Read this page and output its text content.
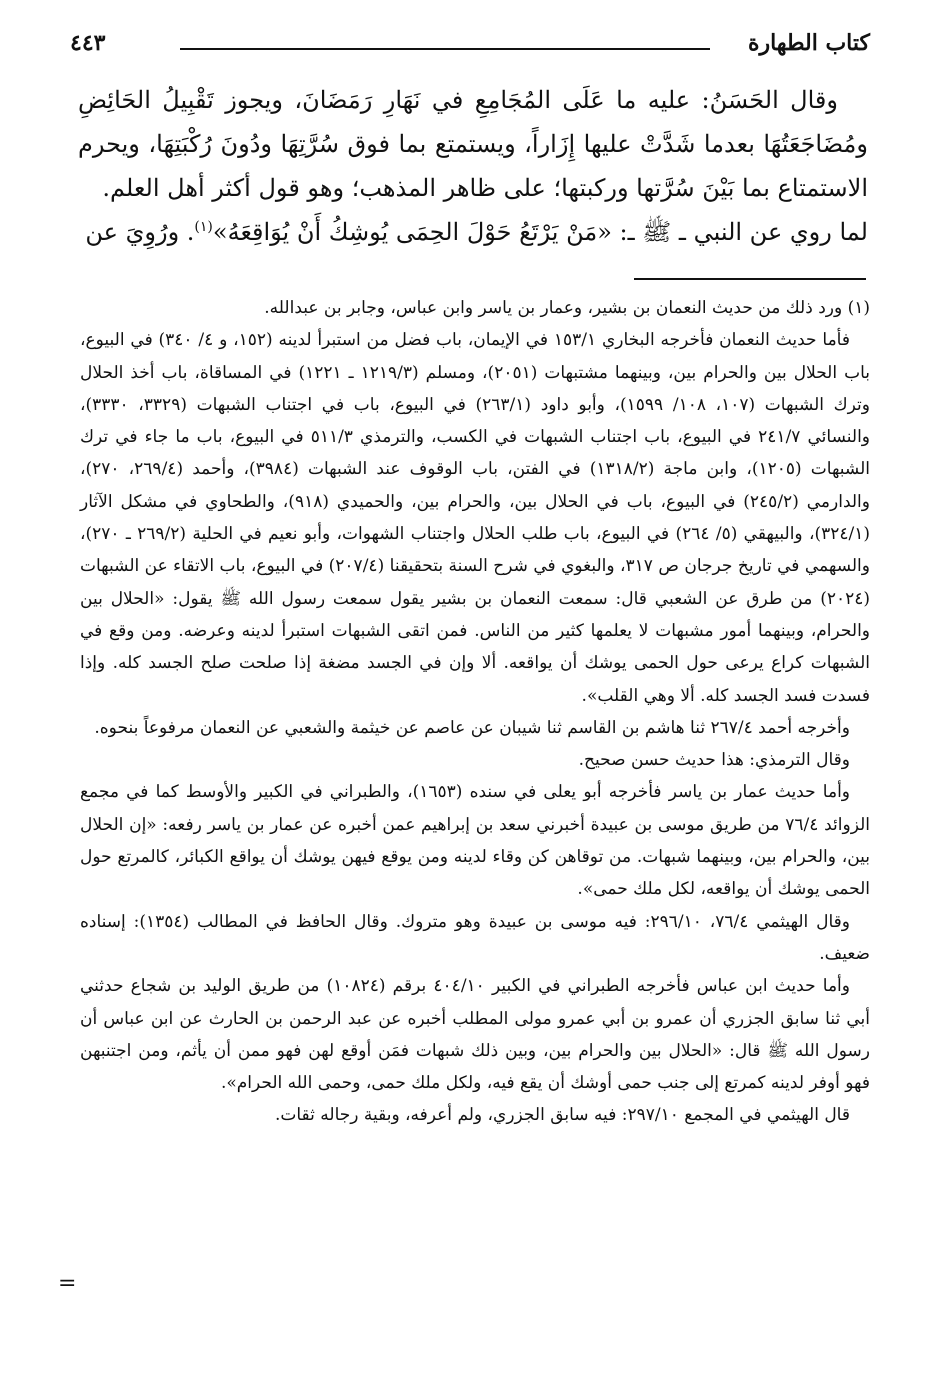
كتاب الطهارة
٤٤٣

وقال الحَسَنُ: عليه ما عَلَى المُجَامِعِ في نَهَارِ رَمَضَانَ، ويجوز تَقْبِيلُ الحَائِضِ ومُضَاجَعَتُهَا بعدما شَدَّتْ عليها إِزَاراً، ويستمتع بما فوق سُرَّتِهَا ودُونَ رُكْبَتِهَا، ويحرم الاستمتاع بما بَيْنَ سُرَّتها وركبتها؛ على ظاهر المذهب؛ وهو قول أكثر أهل العلم.

لما روي عن النبي ـ ﷺ ـ: «مَنْ يَرْتَعُ حَوْلَ الحِمَى يُوشِكُ أَنْ يُوَاقِعَهُ»$^{(١)}$. ورُوِيَ عن

(١) ورد ذلك من حديث النعمان بن بشير، وعمار بن ياسر وابن عباس، وجابر بن عبدالله.

فأما حديث النعمان فأخرجه البخاري ١٥٣/١ في الإيمان، باب فضل من استبرأ لدينه (١٥٢، و ٤/ ٣٤٠) في البيوع، باب الحلال بين والحرام بين، وبينهما مشتبهات (٢٠٥١)، ومسلم (١٢١٩/٣ ـ ١٢٢١) في المساقاة، باب أخذ الحلال وترك الشبهات (١٠٧، ١٠٨/ ١٥٩٩)، وأبو داود (٢٦٣/١) في البيوع، باب في اجتناب الشبهات (٣٣٢٩، ٣٣٣٠)، والنسائي ٢٤١/٧ في البيوع، باب اجتناب الشبهات في الكسب، والترمذي ٥١١/٣ في البيوع، باب ما جاء في ترك الشبهات (١٢٠٥)، وابن ماجة (١٣١٨/٢) في الفتن، باب الوقوف عند الشبهات (٣٩٨٤)، وأحمد (٢٦٩/٤، ٢٧٠)، والدارمي (٢٤٥/٢) في البيوع، باب في الحلال بين، والحرام بين، والحميدي (٩١٨)، والطحاوي في مشكل الآثار (٣٢٤/١)، والبيهقي (٥/ ٢٦٤) في البيوع، باب طلب الحلال واجتناب الشهوات، وأبو نعيم في الحلية (٢٦٩/٢ ـ ٢٧٠)، والسهمي في تاريخ جرجان ص ٣١٧، والبغوي في شرح السنة بتحقيقنا (٢٠٧/٤) في البيوع، باب الاتقاء عن الشبهات (٢٠٢٤) من طرق عن الشعبي قال: سمعت النعمان بن بشير يقول سمعت رسول الله ﷺ يقول: «الحلال بين والحرام، وبينهما أمور مشبهات لا يعلمها كثير من الناس. فمن اتقى الشبهات استبرأ لدينه وعرضه. ومن وقع في الشبهات كراع يرعى حول الحمى يوشك أن يواقعه. ألا وإن في الجسد مضغة إذا صلحت صلح الجسد كله. وإذا فسدت فسد الجسد كله. ألا وهي القلب».

وأخرجه أحمد ٢٦٧/٤ ثنا هاشم بن القاسم ثنا شيبان عن عاصم عن خيثمة والشعبي عن النعمان مرفوعاً بنحوه.

وقال الترمذي: هذا حديث حسن صحيح.

وأما حديث عمار بن ياسر فأخرجه أبو يعلى في سنده (١٦٥٣)، والطبراني في الكبير والأوسط كما في مجمع الزوائد ٧٦/٤ من طريق موسى بن عبيدة أخبرني سعد بن إبراهيم عمن أخبره عن عمار بن ياسر رفعه: «إن الحلال بين، والحرام بين، وبينهما شبهات. من توقاهن كن وقاء لدينه ومن يوقع فيهن يوشك أن يواقع الكبائر، كالمرتع حول الحمى يوشك أن يواقعه، لكل ملك حمى».

وقال الهيثمي ٧٦/٤، ٢٩٦/١٠: فيه موسى بن عبيدة وهو متروك. وقال الحافظ في المطالب (١٣٥٤): إسناده ضعيف.

وأما حديث ابن عباس فأخرجه الطبراني في الكبير ٤٠٤/١٠ برقم (١٠٨٢٤) من طريق الوليد بن شجاع حدثني أبي ثنا سابق الجزري أن عمرو بن أبي عمرو مولى المطلب أخبره عن عبد الرحمن بن الحارث عن ابن عباس أن رسول الله ﷺ قال: «الحلال بين والحرام بين، وبين ذلك شبهات فمَن أوقع لهن فهو ممن أن يأثم، ومن اجتنبهن فهو أوفر لدينه كمرتع إلى جنب حمى أوشك أن يقع فيه، ولكل ملك حمى، وحمى الله الحرام».

قال الهيثمي في المجمع ٢٩٧/١٠: فيه سابق الجزري، ولم أعرفه، وبقية رجاله ثقات.

=
